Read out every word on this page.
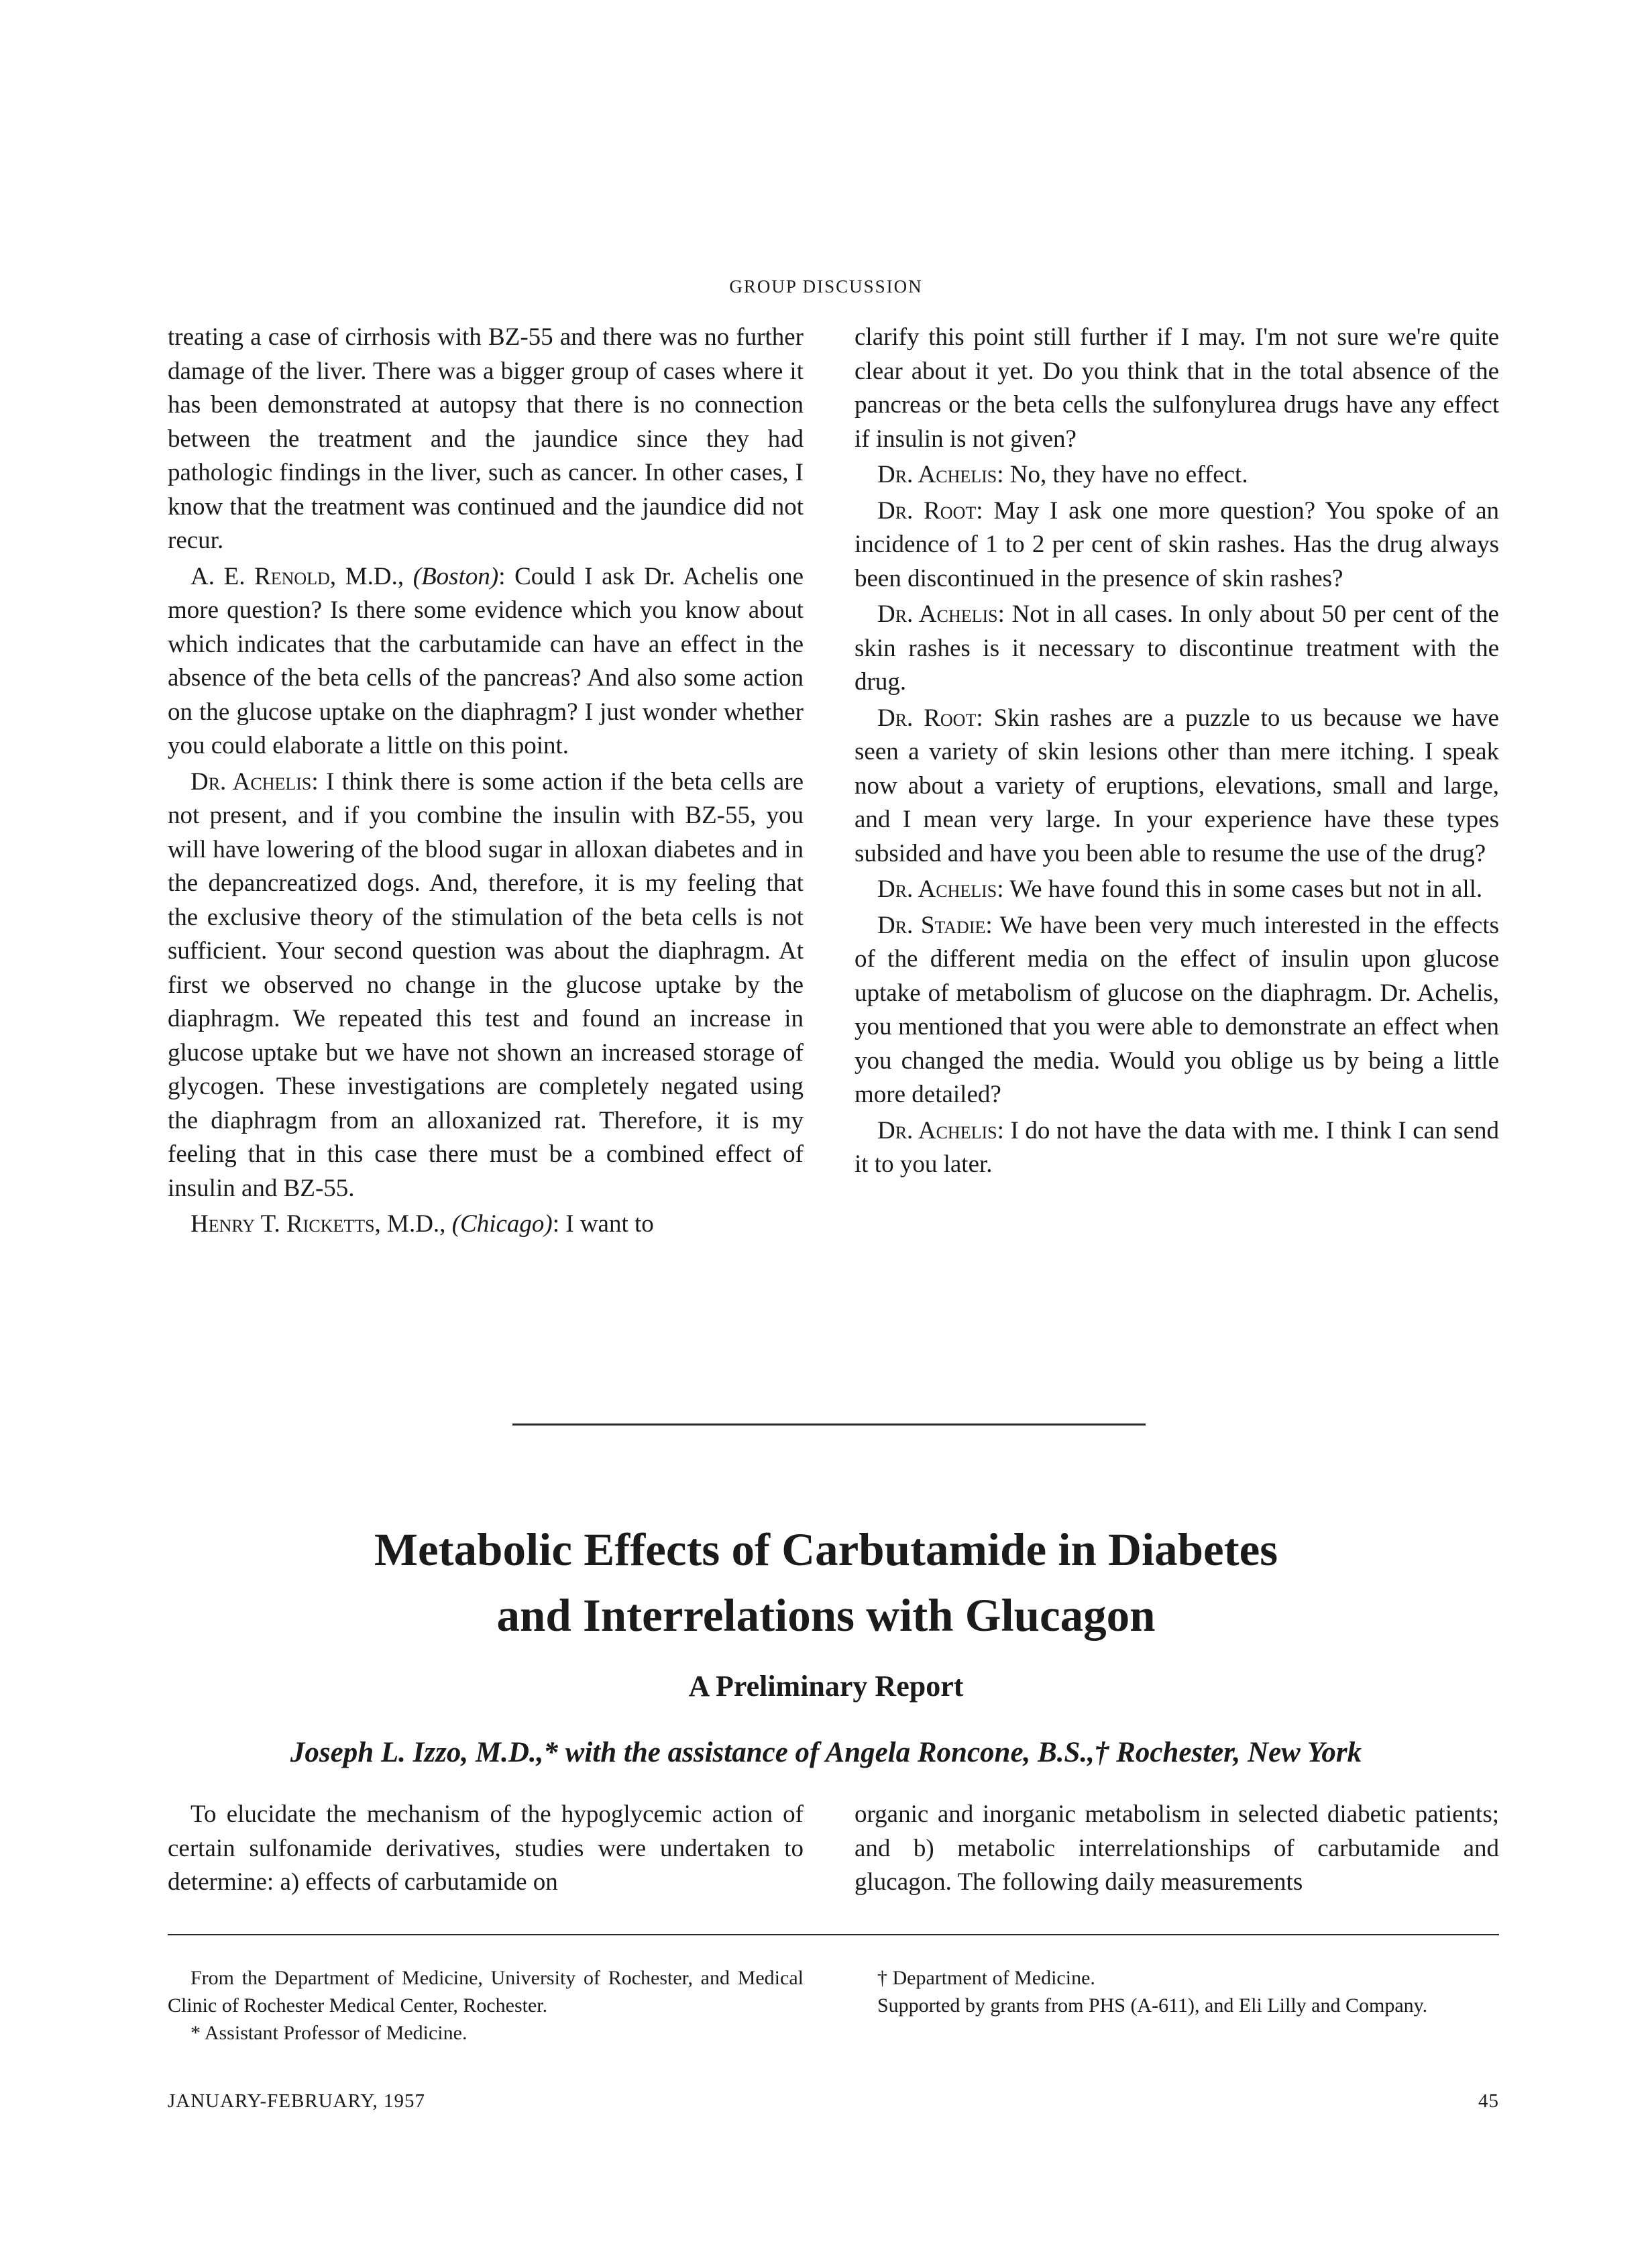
GROUP DISCUSSION

treating a case of cirrhosis with BZ-55 and there was no further damage of the liver. There was a bigger group of cases where it has been demonstrated at autopsy that there is no connection between the treatment and the jaundice since they had pathologic findings in the liver, such as cancer. In other cases, I know that the treatment was continued and the jaundice did not recur.

A. E. Renold, M.D., (Boston): Could I ask Dr. Achelis one more question? Is there some evidence which you know about which indicates that the carbutamide can have an effect in the absence of the beta cells of the pancreas? And also some action on the glucose uptake on the diaphragm? I just wonder whether you could elaborate a little on this point.

Dr. Achelis: I think there is some action if the beta cells are not present, and if you combine the insulin with BZ-55, you will have lowering of the blood sugar in alloxan diabetes and in the depancreatized dogs. And, therefore, it is my feeling that the exclusive theory of the stimulation of the beta cells is not sufficient. Your second question was about the diaphragm. At first we observed no change in the glucose uptake by the diaphragm. We repeated this test and found an increase in glucose uptake but we have not shown an increased storage of glycogen. These investigations are completely negated using the diaphragm from an alloxanized rat. Therefore, it is my feeling that in this case there must be a combined effect of insulin and BZ-55.

Henry T. Ricketts, M.D., (Chicago): I want to

clarify this point still further if I may. I'm not sure we're quite clear about it yet. Do you think that in the total absence of the pancreas or the beta cells the sulfonylurea drugs have any effect if insulin is not given?

Dr. Achelis: No, they have no effect.

Dr. Root: May I ask one more question? You spoke of an incidence of 1 to 2 per cent of skin rashes. Has the drug always been discontinued in the presence of skin rashes?

Dr. Achelis: Not in all cases. In only about 50 per cent of the skin rashes is it necessary to discontinue treatment with the drug.

Dr. Root: Skin rashes are a puzzle to us because we have seen a variety of skin lesions other than mere itching. I speak now about a variety of eruptions, elevations, small and large, and I mean very large. In your experience have these types subsided and have you been able to resume the use of the drug?

Dr. Achelis: We have found this in some cases but not in all.

Dr. Stadie: We have been very much interested in the effects of the different media on the effect of insulin upon glucose uptake of metabolism of glucose on the diaphragm. Dr. Achelis, you mentioned that you were able to demonstrate an effect when you changed the media. Would you oblige us by being a little more detailed?

Dr. Achelis: I do not have the data with me. I think I can send it to you later.

Metabolic Effects of Carbutamide in Diabetes
and Interrelations with Glucagon
A Preliminary Report
Joseph L. Izzo, M.D.,* with the assistance of Angela Roncone, B.S.,† Rochester, New York

To elucidate the mechanism of the hypoglycemic action of certain sulfonamide derivatives, studies were undertaken to determine: a) effects of carbutamide on

organic and inorganic metabolism in selected diabetic patients; and b) metabolic interrelationships of carbutamide and glucagon. The following daily measurements

From the Department of Medicine, University of Rochester, and Medical Clinic of Rochester Medical Center, Rochester.

* Assistant Professor of Medicine.

† Department of Medicine.

Supported by grants from PHS (A-611), and Eli Lilly and Company.

JANUARY-FEBRUARY, 1957	45
